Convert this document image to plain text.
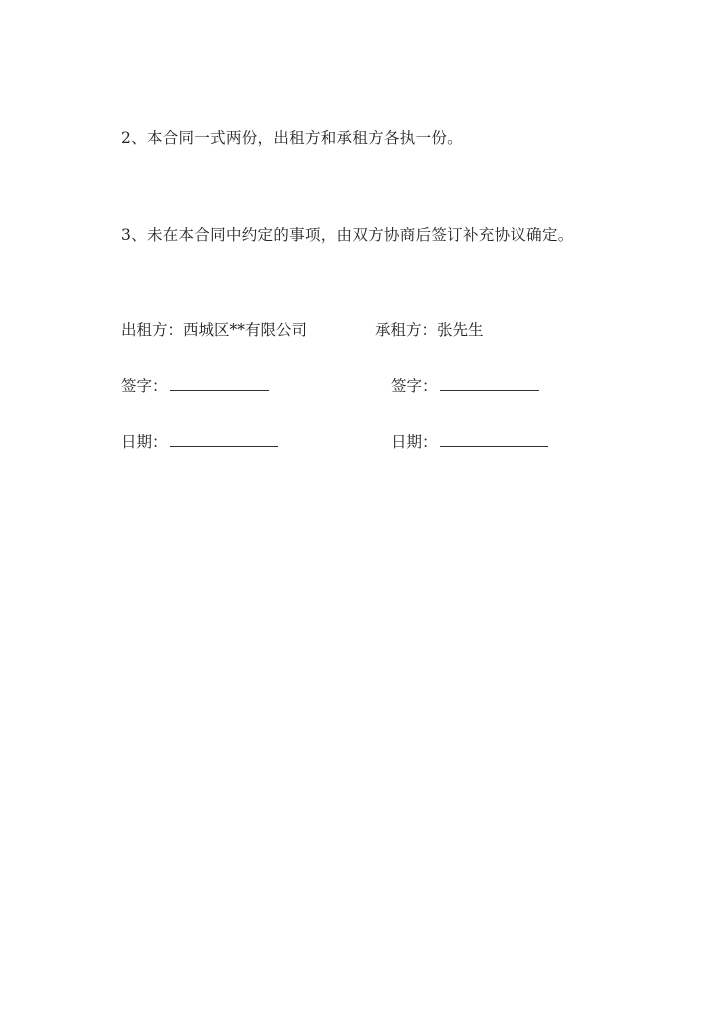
2、本合同一式两份，出租方和承租方各执一份。
3、未在本合同中约定的事项，由双方协商后签订补充协议确定。
出租方：西城区**有限公司	承租方：张先生
签字：	签字：
日期：	日期：
